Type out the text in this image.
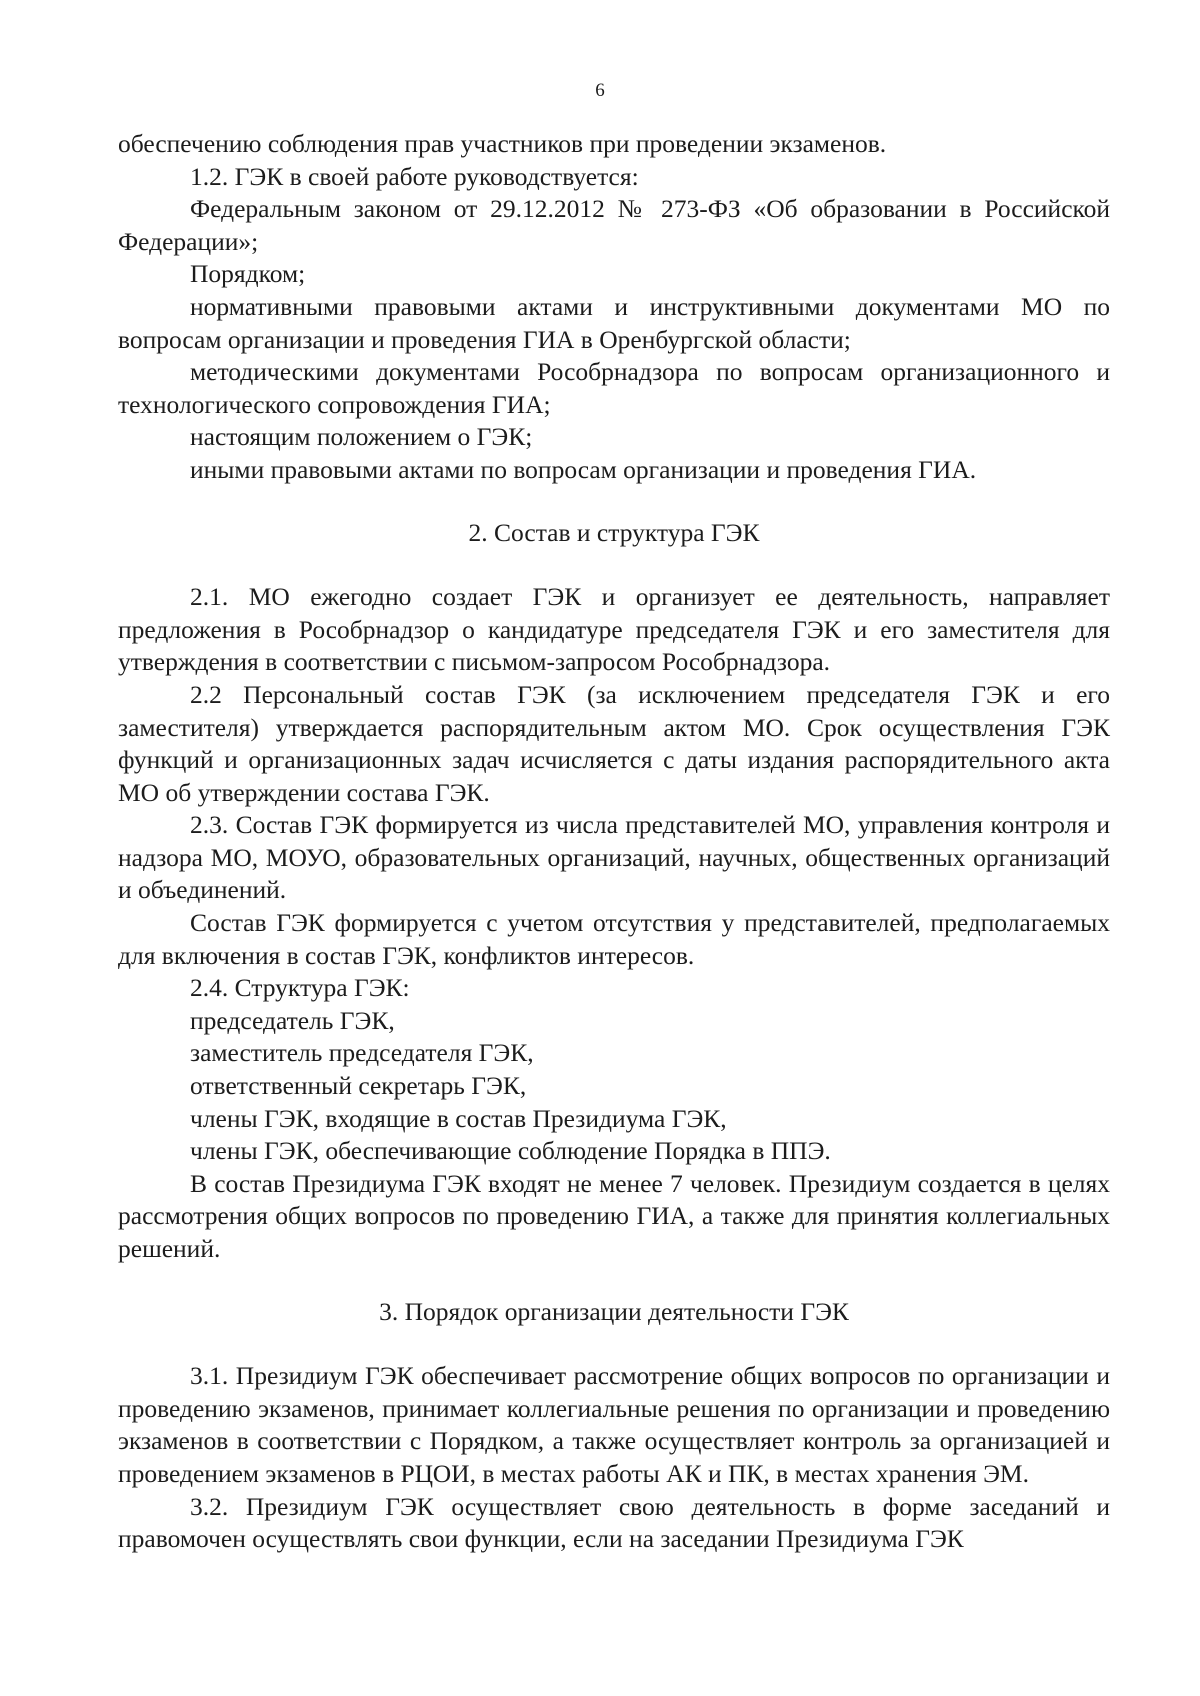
6

обеспечению соблюдения прав участников при проведении экзаменов.

1.2. ГЭК в своей работе руководствуется:

Федеральным законом от 29.12.2012 № 273-ФЗ «Об образовании в Российской Федерации»;

Порядком;

нормативными правовыми актами и инструктивными документами МО по вопросам организации и проведения ГИА в Оренбургской области;

методическими документами Рособрнадзора по вопросам организационного и технологического сопровождения ГИА;

настоящим положением о ГЭК;

иными правовыми актами по вопросам организации и проведения ГИА.

2. Состав и структура ГЭК

2.1. МО ежегодно создает ГЭК и организует ее деятельность, направляет предложения в Рособрнадзор о кандидатуре председателя ГЭК и его заместителя для утверждения в соответствии с письмом-запросом Рособрнадзора.

2.2 Персональный состав ГЭК (за исключением председателя ГЭК и его заместителя) утверждается распорядительным актом МО. Срок осуществления ГЭК функций и организационных задач исчисляется с даты издания распорядительного акта МО об утверждении состава ГЭК.

2.3. Состав ГЭК формируется из числа представителей МО, управления контроля и надзора МО, МОУО, образовательных организаций, научных, общественных организаций и объединений.

Состав ГЭК формируется с учетом отсутствия у представителей, предполагаемых для включения в состав ГЭК, конфликтов интересов.

2.4. Структура ГЭК:

председатель ГЭК,

заместитель председателя ГЭК,

ответственный секретарь ГЭК,

члены ГЭК, входящие в состав Президиума ГЭК,

члены ГЭК, обеспечивающие соблюдение Порядка в ППЭ.

В состав Президиума ГЭК входят не менее 7 человек. Президиум создается в целях рассмотрения общих вопросов по проведению ГИА, а также для принятия коллегиальных решений.

3. Порядок организации деятельности ГЭК

3.1. Президиум ГЭК обеспечивает рассмотрение общих вопросов по организации и проведению экзаменов, принимает коллегиальные решения по организации и проведению экзаменов в соответствии с Порядком, а также осуществляет контроль за организацией и проведением экзаменов в РЦОИ, в местах работы АК и ПК, в местах хранения ЭМ.

3.2. Президиум ГЭК осуществляет свою деятельность в форме заседаний и правомочен осуществлять свои функции, если на заседании Президиума ГЭК
